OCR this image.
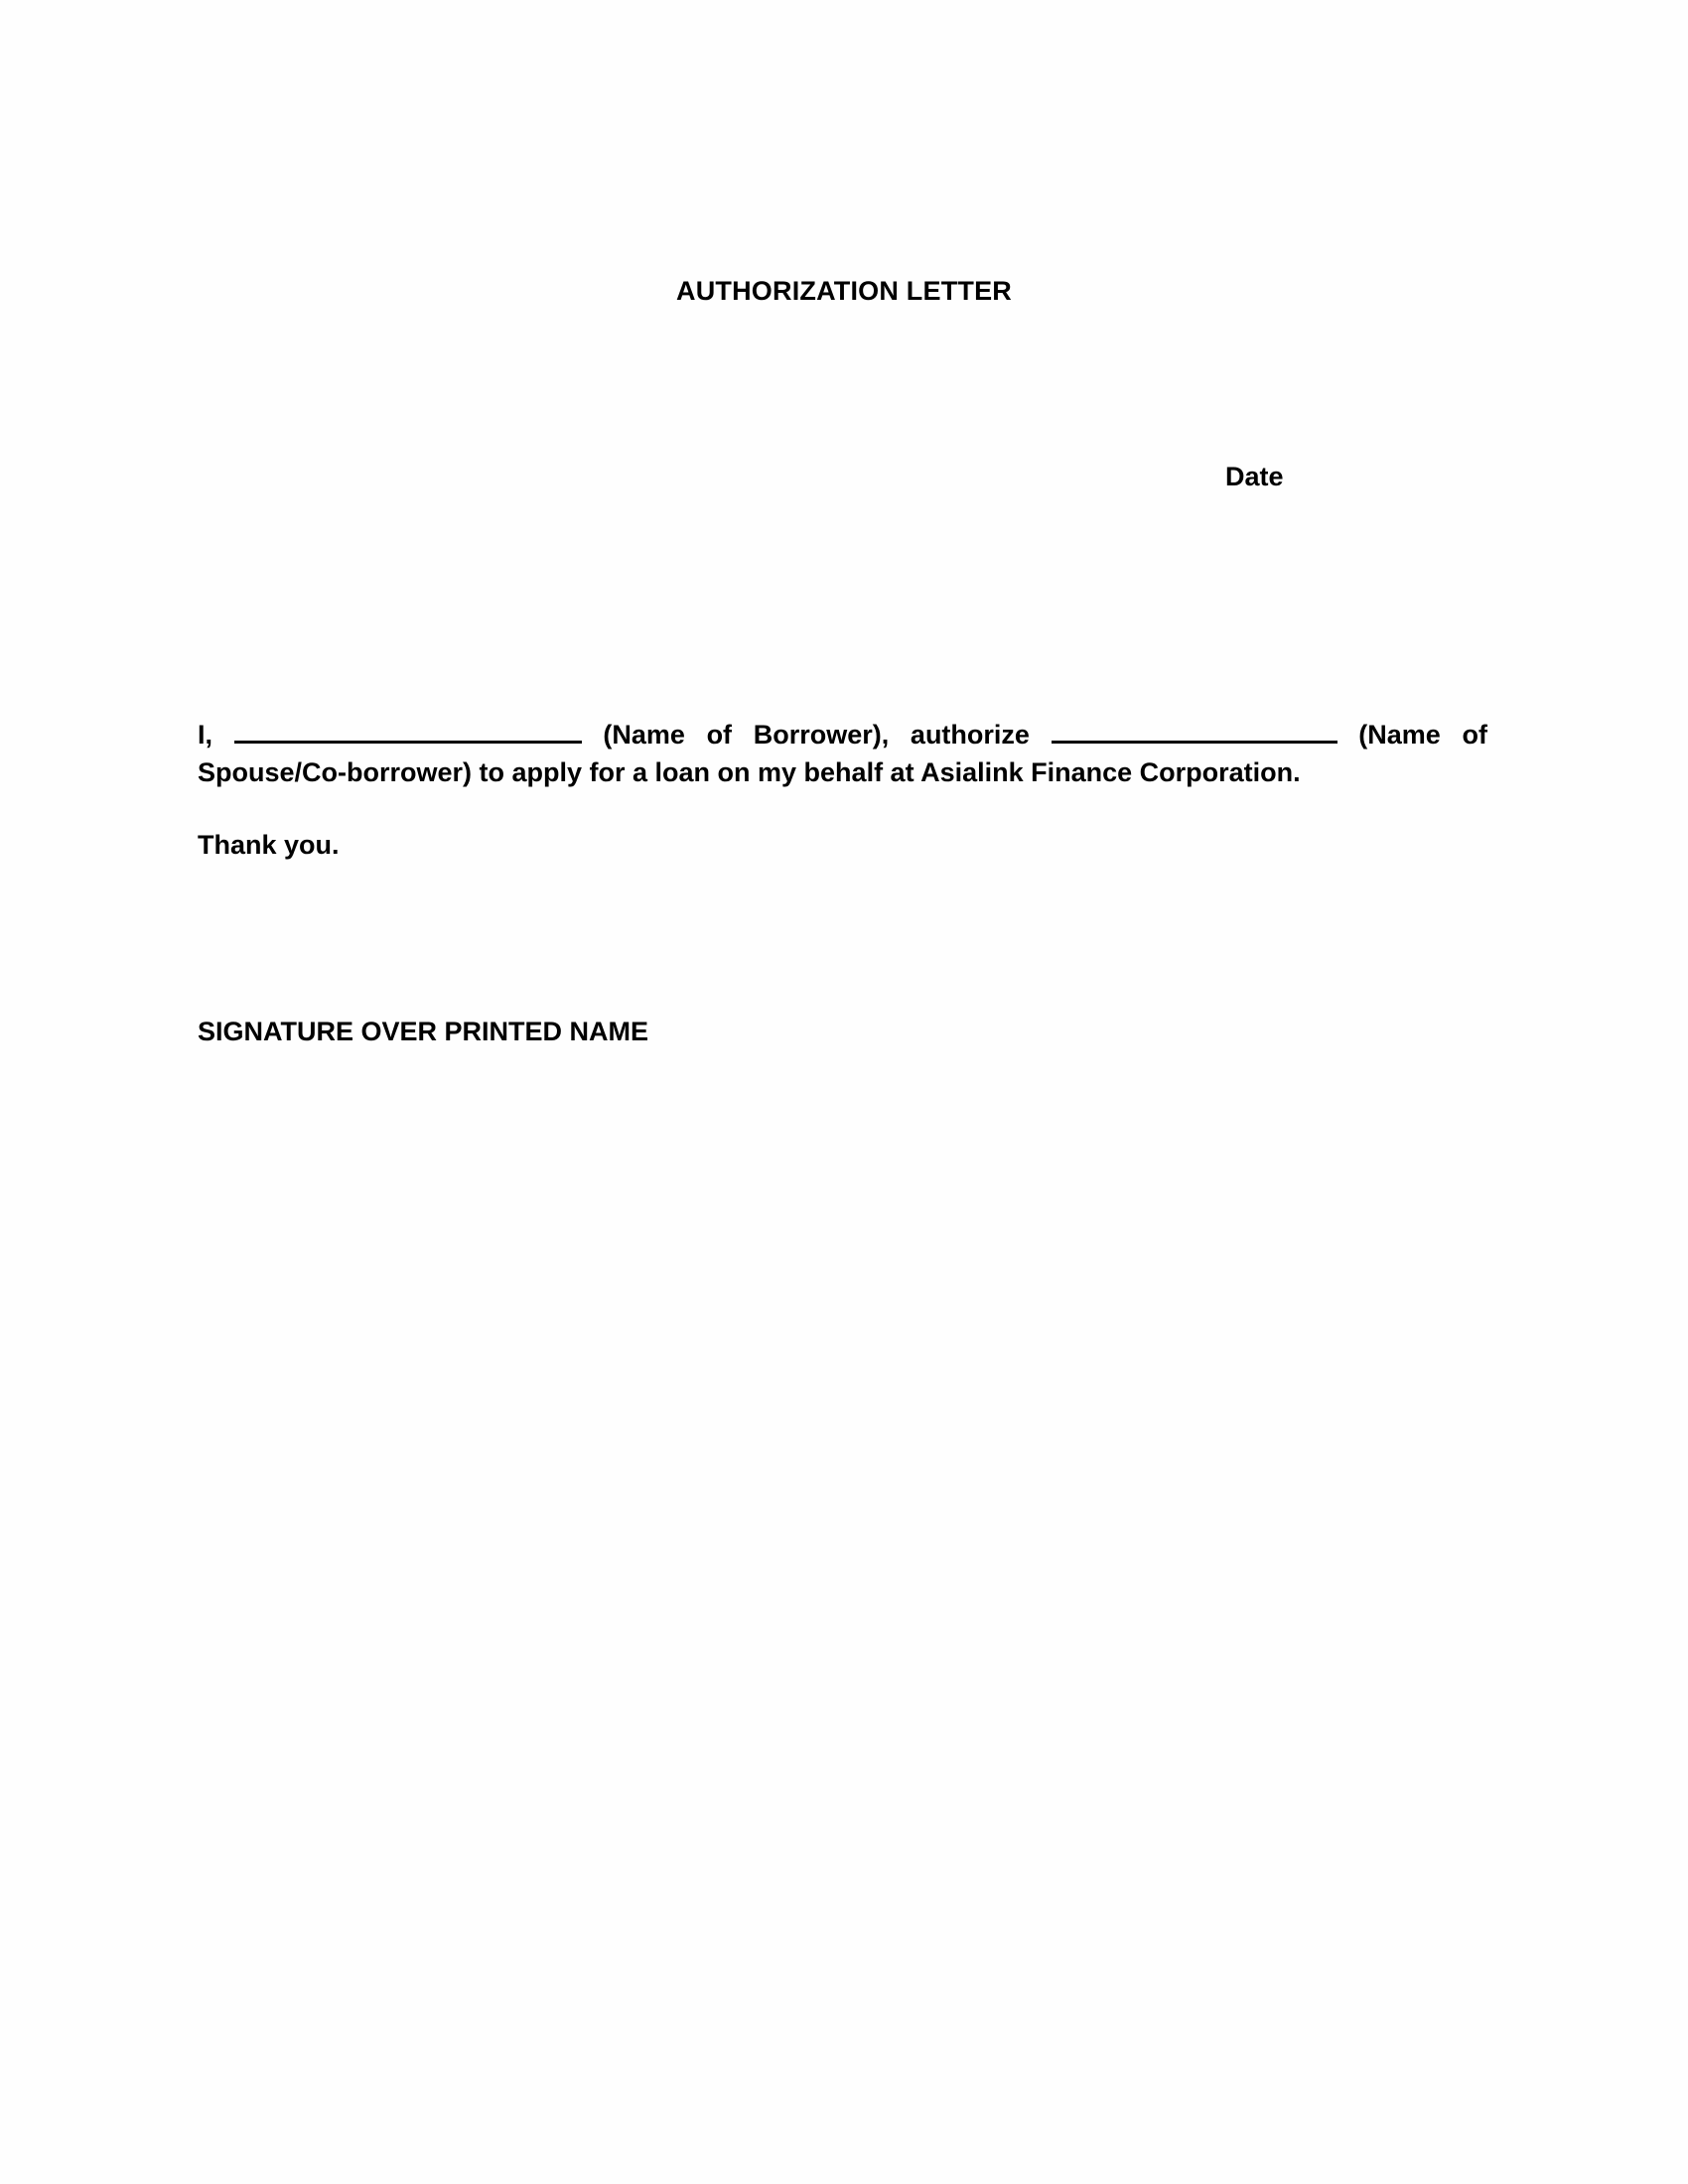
AUTHORIZATION LETTER
Date
I,	(Name of Borrower), authorize	(Name of
Spouse/Co-borrower) to apply for a loan on my behalf at Asialink Finance Corporation.
Thank you.
SIGNATURE OVER PRINTED NAME
